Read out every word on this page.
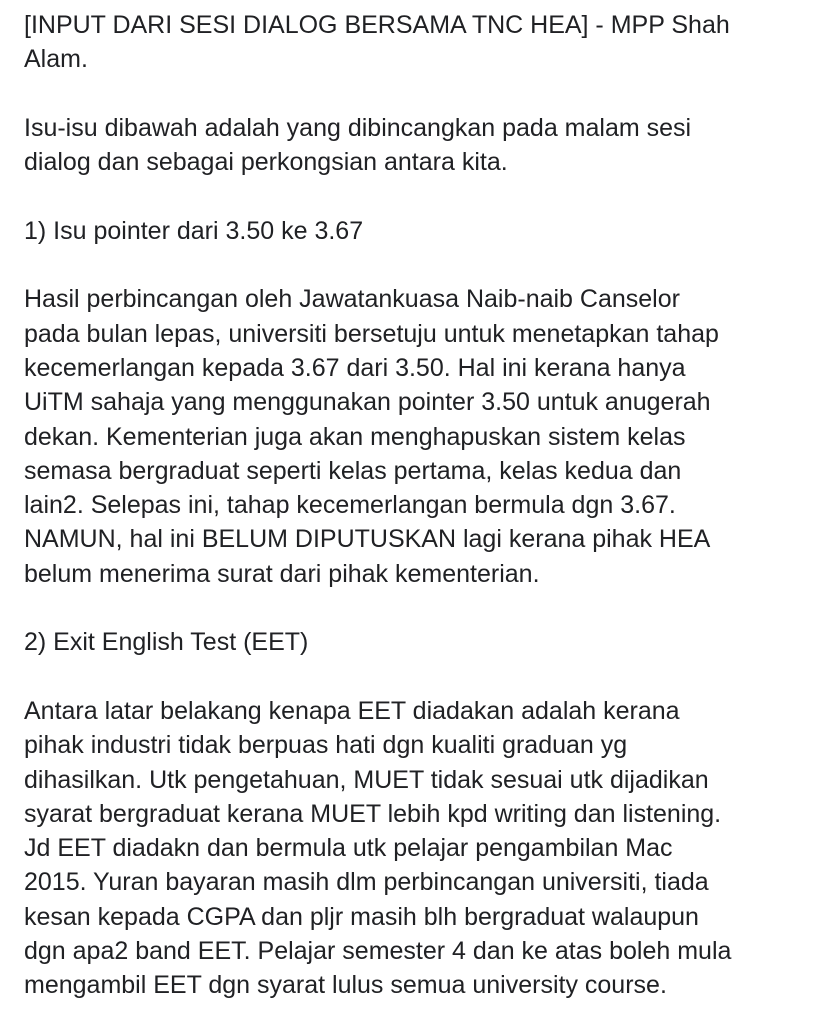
[INPUT DARI SESI DIALOG BERSAMA TNC HEA] - MPP Shah
Alam.
Isu-isu dibawah adalah yang dibincangkan pada malam sesi
dialog dan sebagai perkongsian antara kita.
1) Isu pointer dari 3.50 ke 3.67
Hasil perbincangan oleh Jawatankuasa Naib-naib Canselor
pada bulan lepas, universiti bersetuju untuk menetapkan tahap
kecemerlangan kepada 3.67 dari 3.50. Hal ini kerana hanya
UiTM sahaja yang menggunakan pointer 3.50 untuk anugerah
dekan. Kementerian juga akan menghapuskan sistem kelas
semasa bergraduat seperti kelas pertama, kelas kedua dan
lain2. Selepas ini, tahap kecemerlangan bermula dgn 3.67.
NAMUN, hal ini BELUM DIPUTUSKAN lagi kerana pihak HEA
belum menerima surat dari pihak kementerian.
2) Exit English Test (EET)
Antara latar belakang kenapa EET diadakan adalah kerana
pihak industri tidak berpuas hati dgn kualiti graduan yg
dihasilkan. Utk pengetahuan, MUET tidak sesuai utk dijadikan
syarat bergraduat kerana MUET lebih kpd writing dan listening.
Jd EET diadakn dan bermula utk pelajar pengambilan Mac
2015. Yuran bayaran masih dlm perbincangan universiti, tiada
kesan kepada CGPA dan pljr masih blh bergraduat walaupun
dgn apa2 band EET. Pelajar semester 4 dan ke atas boleh mula
mengambil EET dgn syarat lulus semua university course.
